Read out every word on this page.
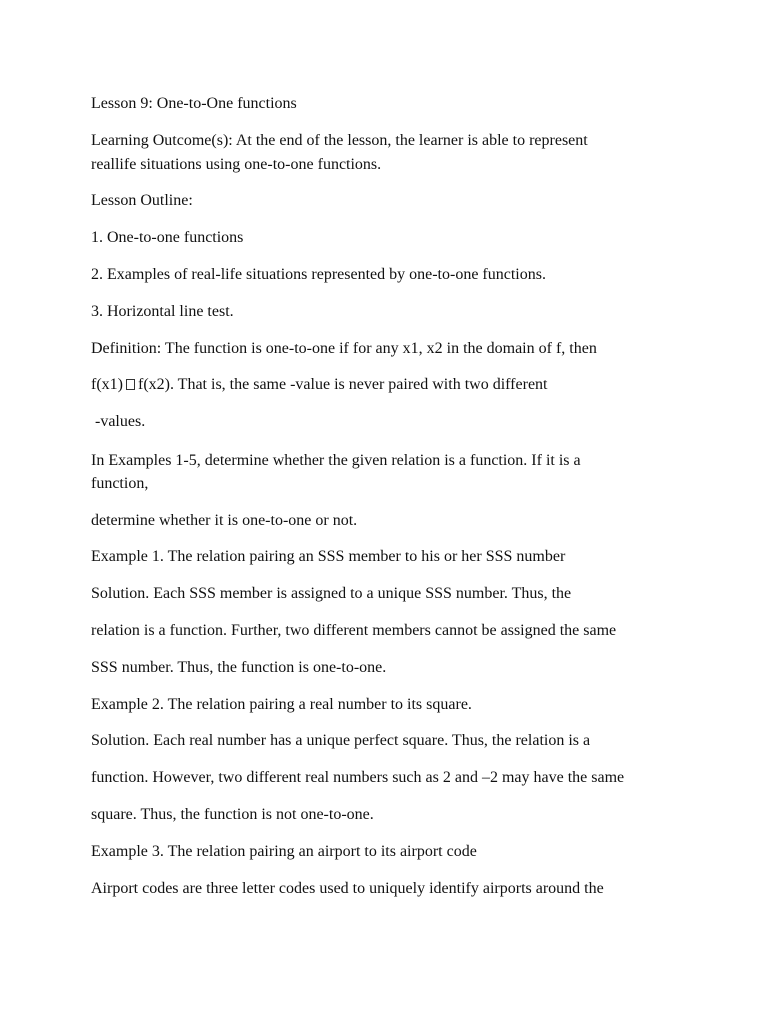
Lesson 9: One-to-One functions

Learning Outcome(s): At the end of the lesson, the learner is able to represent

reallife situations using one-to-one functions.

Lesson Outline:

1. One-to-one functions

2. Examples of real-life situations represented by one-to-one functions.

3. Horizontal line test.

Definition: The function is one-to-one if for any x1, x2 in the domain of f, then

f(x1) f(x2). That is, the same -value is never paired with two different

-values.

In Examples 1-5, determine whether the given relation is a function. If it is a

function,

determine whether it is one-to-one or not.

Example 1. The relation pairing an SSS member to his or her SSS number

Solution. Each SSS member is assigned to a unique SSS number. Thus, the

relation is a function. Further, two different members cannot be assigned the same

SSS number. Thus, the function is one-to-one.

Example 2. The relation pairing a real number to its square.

Solution. Each real number has a unique perfect square. Thus, the relation is a

function. However, two different real numbers such as 2 and –2 may have the same

square. Thus, the function is not one-to-one.

Example 3. The relation pairing an airport to its airport code

Airport codes are three letter codes used to uniquely identify airports around the
